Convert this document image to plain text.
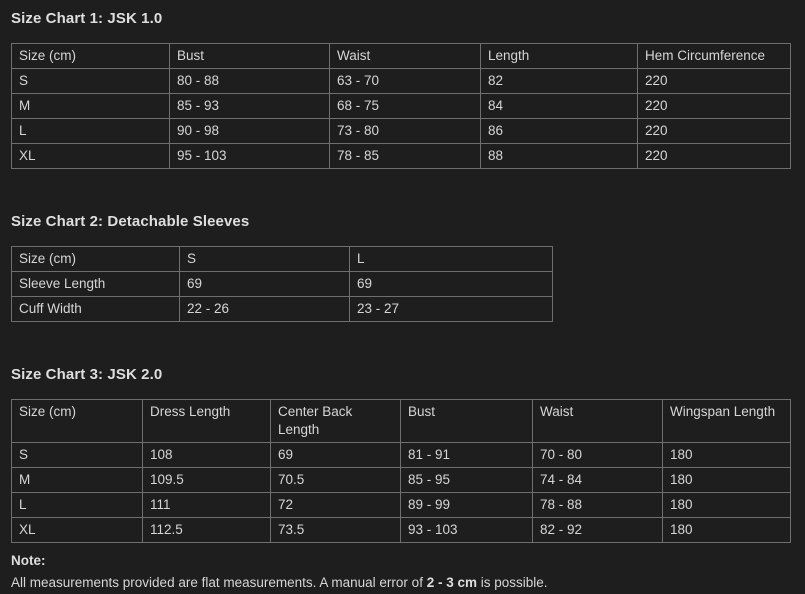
Size Chart 1: JSK 1.0
Size (cm)	Bust	Waist	Length	Hem Circumference
S	80 - 88	63 - 70	82	220
M	85 - 93	68 - 75	84	220
L	90 - 98	73 - 80	86	220
XL	95 - 103	78 - 85	88	220
Size Chart 2: Detachable Sleeves
Size (cm)	S	L
Sleeve Length	69	69
Cuff Width	22 - 26	23 - 27
Size Chart 3: JSK 2.0
Size (cm)	Dress Length	Center Back Length	Bust	Waist	Wingspan Length
S	108	69	81 - 91	70 - 80	180
M	109.5	70.5	85 - 95	74 - 84	180
L	111	72	89 - 99	78 - 88	180
XL	112.5	73.5	93 - 103	82 - 92	180
Note:
All measurements provided are flat measurements. A manual error of 2 - 3 cm is possible.
